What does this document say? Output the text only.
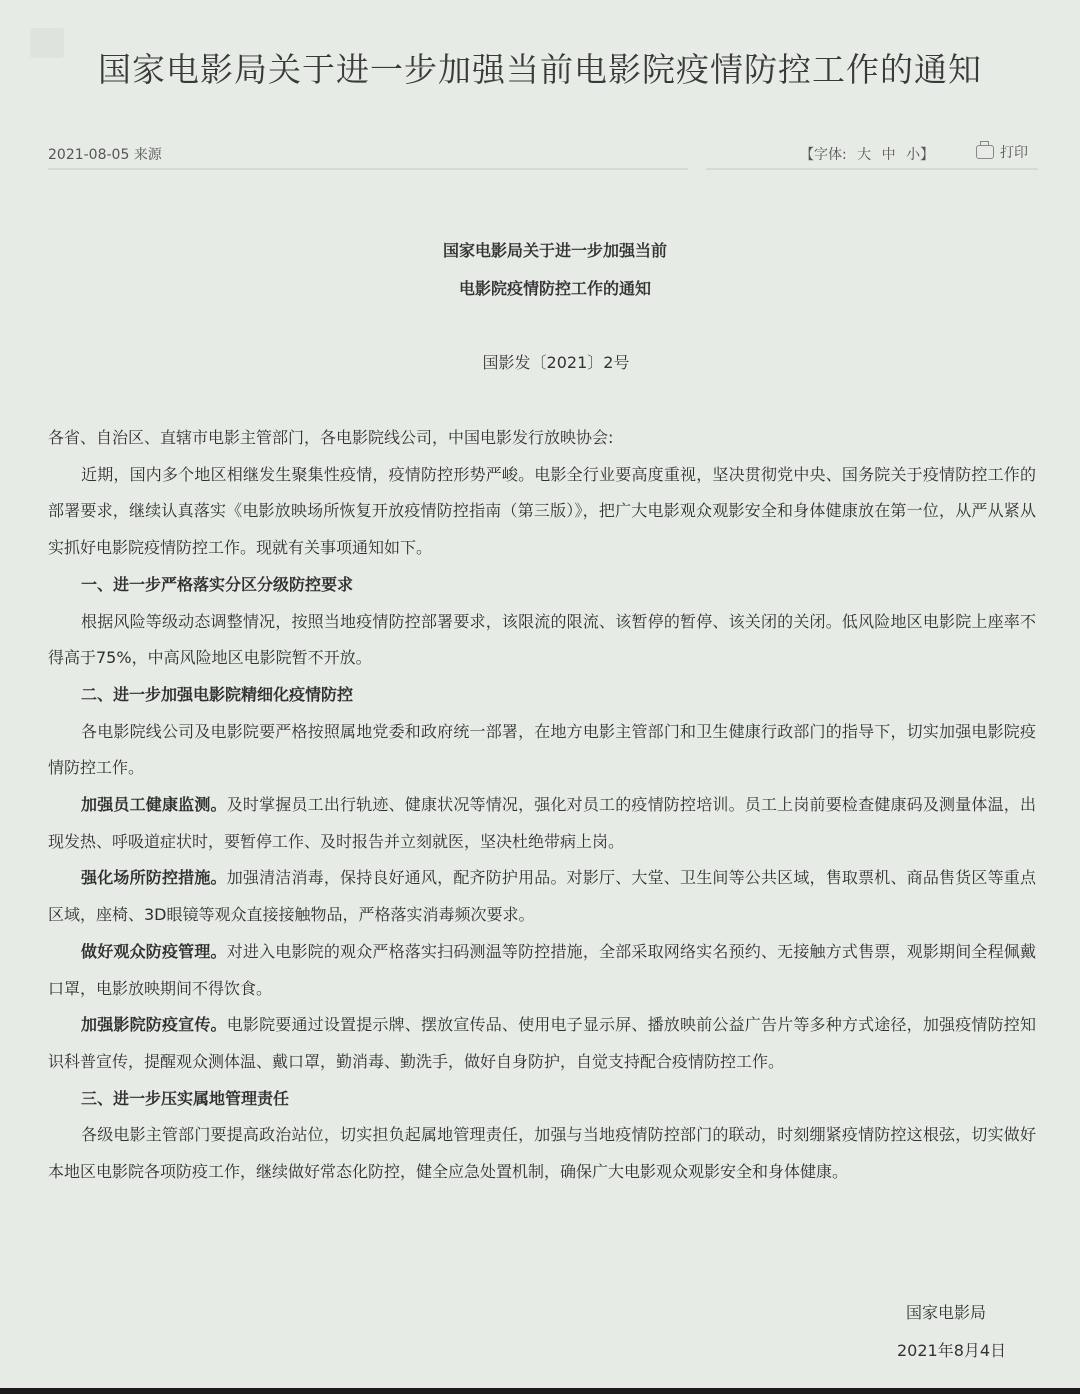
国家电影局关于进一步加强当前电影院疫情防控工作的通知
2021-08-05 来源	【字体: 大 中 小】	打印
国家电影局关于进一步加强当前
电影院疫情防控工作的通知
国影发〔2021〕2号

各省、自治区、直辖市电影主管部门，各电影院线公司，中国电影发行放映协会:

近期，国内多个地区相继发生聚集性疫情，疫情防控形势严峻。电影全行业要高度重视，坚决贯彻党中央、国务院关于疫情防控工作的部署要求，继续认真落实《电影放映场所恢复开放疫情防控指南（第三版）》，把广大电影观众观影安全和身体健康放在第一位，从严从紧从实抓好电影院疫情防控工作。现就有关事项通知如下。

一、进一步严格落实分区分级防控要求

根据风险等级动态调整情况，按照当地疫情防控部署要求，该限流的限流、该暂停的暂停、该关闭的关闭。低风险地区电影院上座率不得高于75%，中高风险地区电影院暂不开放。

二、进一步加强电影院精细化疫情防控

各电影院线公司及电影院要严格按照属地党委和政府统一部署，在地方电影主管部门和卫生健康行政部门的指导下，切实加强电影院疫情防控工作。

加强员工健康监测。及时掌握员工出行轨迹、健康状况等情况，强化对员工的疫情防控培训。员工上岗前要检查健康码及测量体温，出现发热、呼吸道症状时，要暂停工作、及时报告并立刻就医，坚决杜绝带病上岗。

强化场所防控措施。加强清洁消毒，保持良好通风，配齐防护用品。对影厅、大堂、卫生间等公共区域，售取票机、商品售货区等重点区域，座椅、3D眼镜等观众直接接触物品，严格落实消毒频次要求。

做好观众防疫管理。对进入电影院的观众严格落实扫码测温等防控措施，全部采取网络实名预约、无接触方式售票，观影期间全程佩戴口罩，电影放映期间不得饮食。

加强影院防疫宣传。电影院要通过设置提示牌、摆放宣传品、使用电子显示屏、播放映前公益广告片等多种方式途径，加强疫情防控知识科普宣传，提醒观众测体温、戴口罩，勤消毒、勤洗手，做好自身防护，自觉支持配合疫情防控工作。

三、进一步压实属地管理责任

各级电影主管部门要提高政治站位，切实担负起属地管理责任，加强与当地疫情防控部门的联动，时刻绷紧疫情防控这根弦，切实做好本地区电影院各项防疫工作，继续做好常态化防控，健全应急处置机制，确保广大电影观众观影安全和身体健康。

国家电影局
2021年8月4日
